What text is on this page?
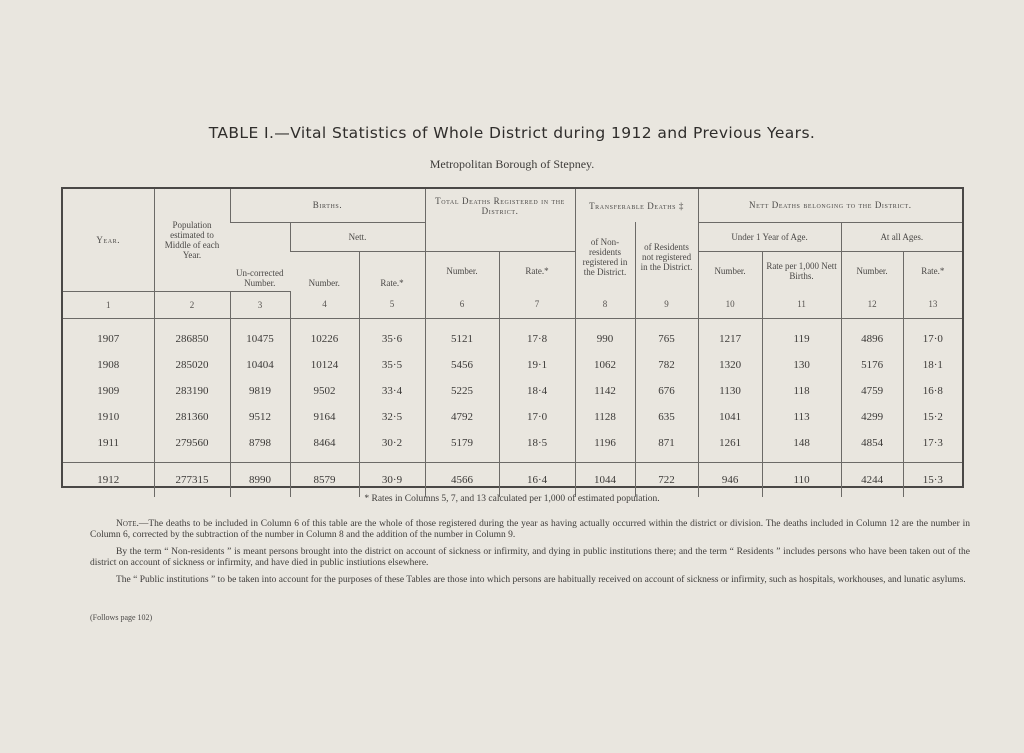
TABLE I.—Vital Statistics of Whole District during 1912 and Previous Years.
Metropolitan Borough of Stepney.
Year.	Population estimated to Middle of each Year.	Births.			Total Deaths Registered in the District.		Transferable Deaths ‡		Nett Deaths belonging to the District.			
		Un-corrected Number.	Nett.				of Non-residents registered in the District.	of Residents not registered in the District.	Under 1 Year of Age.		At all Ages.	
			Number.	Rate.*	Number.	Rate.*			Number.	Rate per 1,000 Nett Births.	Number.	Rate.*
1	2	3	4	5	6	7	8	9	10	11	12	13

1907	286850	10475	10226	35·6	5121	17·8	990	765	1217	119	4896	17·0
1908	285020	10404	10124	35·5	5456	19·1	1062	782	1320	130	5176	18·1
1909	283190	9819	9502	33·4	5225	18·4	1142	676	1130	118	4759	16·8
1910	281360	9512	9164	32·5	4792	17·0	1128	635	1041	113	4299	15·2
1911	279560	8798	8464	30·2	5179	18·5	1196	871	1261	148	4854	17·3

1912	277315	8990	8579	30·9	4566	16·4	1044	722	946	110	4244	15·3
* Rates in Columns 5, 7, and 13 calculated per 1,000 of estimated population.

Note.—The deaths to be included in Column 6 of this table are the whole of those registered during the year as having actually occurred within the district or division. The deaths included in Column 12 are the number in Column 6, corrected by the subtraction of the number in Column 8 and the addition of the number in Column 9.

By the term “ Non-residents ” is meant persons brought into the district on account of sickness or infirmity, and dying in public institutions there; and the term “ Residents ” includes persons who have been taken out of the district on account of sickness or infirmity, and have died in public instiutions elsewhere.

The “ Public institutions ” to be taken into account for the purposes of these Tables are those into which persons are habitually received on account of sickness or infirmity, such as hospitals, workhouses, and lunatic asylums.

(Follows page 102)
